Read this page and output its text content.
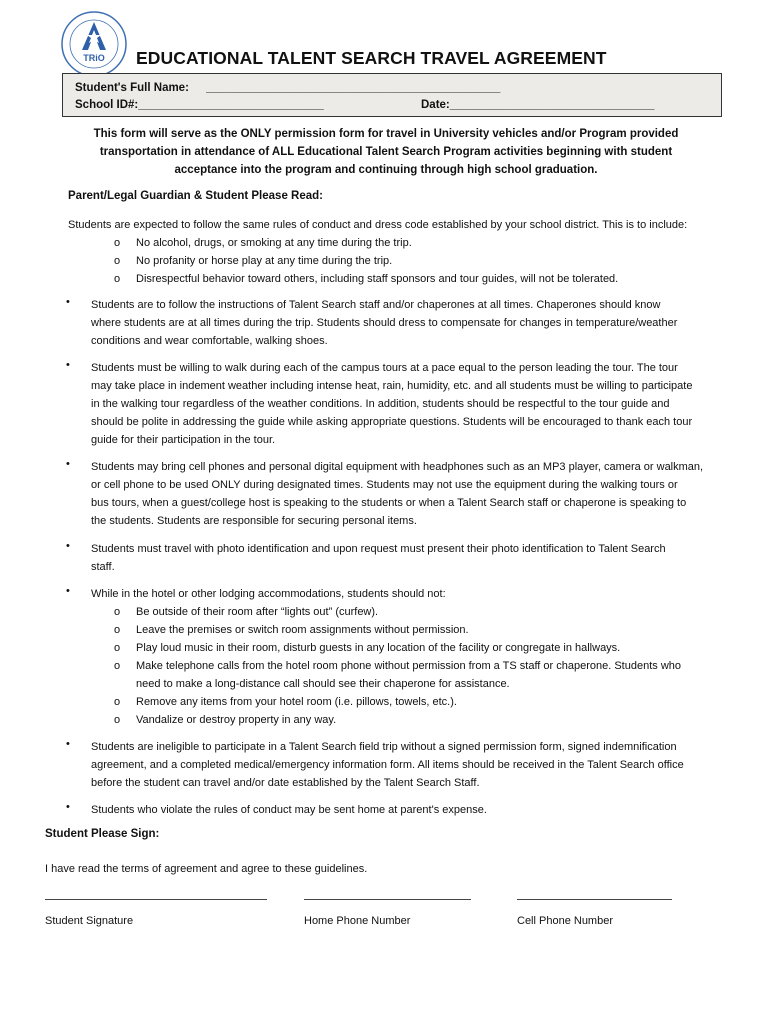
TRiO EDUCATIONAL TALENT SEARCH TRAVEL AGREEMENT
Student's Full Name: ______________________________________________
School ID#:_____________________________	Date:________________________________
This form will serve as the ONLY permission form for travel in University vehicles and/or Program provided
transportation in attendance of ALL Educational Talent Search Program activities beginning with student
acceptance into the program and continuing through high school graduation.
Parent/Legal Guardian & Student Please Read:
Students are expected to follow the same rules of conduct and dress code established by your school district. This is to include:
o No alcohol, drugs, or smoking at any time during the trip.
o No profanity or horse play at any time during the trip.
o Disrespectful behavior toward others, including staff sponsors and tour guides, will not be tolerated.
• Students are to follow the instructions of Talent Search staff and/or chaperones at all times. Chaperones should know
where students are at all times during the trip. Students should dress to compensate for changes in temperature/weather
conditions and wear comfortable, walking shoes.
• Students must be willing to walk during each of the campus tours at a pace equal to the person leading the tour. The tour
may take place in indement weather including intense heat, rain, humidity, etc. and all students must be willing to participate
in the walking tour regardless of the weather conditions. In addition, students should be respectful to the tour guide and
should be polite in addressing the guide while asking appropriate questions. Students will be encouraged to thank each tour
guide for their participation in the tour.
• Students may bring cell phones and personal digital equipment with headphones such as an MP3 player, camera or walkman,
or cell phone to be used ONLY during designated times. Students may not use the equipment during the walking tours or
bus tours, when a guest/college host is speaking to the students or when a Talent Search staff or chaperone is speaking to
the students. Students are responsible for securing personal items.
• Students must travel with photo identification and upon request must present their photo identification to Talent Search
staff.
• While in the hotel or other lodging accommodations, students should not:
o Be outside of their room after “lights out” (curfew).
o Leave the premises or switch room assignments without permission.
o Play loud music in their room, disturb guests in any location of the facility or congregate in hallways.
o Make telephone calls from the hotel room phone without permission from a TS staff or chaperone. Students who
need to make a long-distance call should see their chaperone for assistance.
o Remove any items from your hotel room (i.e. pillows, towels, etc.).
o Vandalize or destroy property in any way.
• Students are ineligible to participate in a Talent Search field trip without a signed permission form, signed indemnification
agreement, and a completed medical/emergency information form. All items should be received in the Talent Search office
before the student can travel and/or date established by the Talent Search Staff.
• Students who violate the rules of conduct may be sent home at parent's expense.
Student Please Sign:
I have read the terms of agreement and agree to these guidelines.
Student Signature	Home Phone Number	Cell Phone Number
